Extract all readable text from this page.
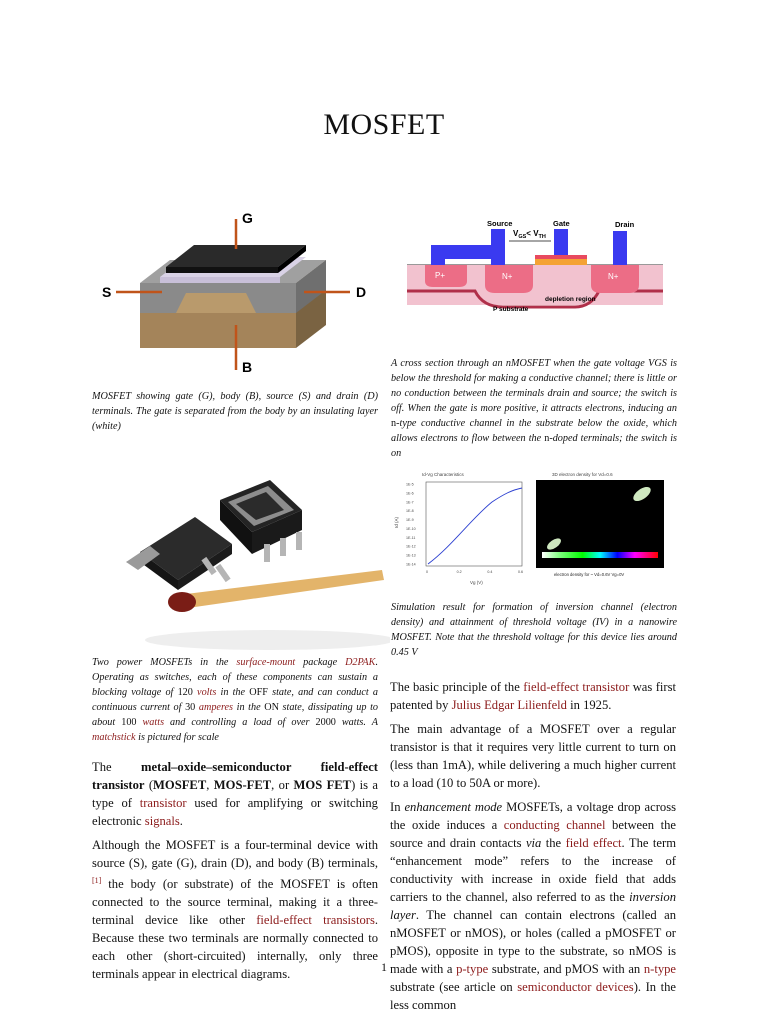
MOSFET
G
S	D
B
MOSFET showing gate (G), body (B), source (S) and drain (D) terminals. The gate is separated from the body by an insulating layer (white)
Source	Gate	Drain
$V_{GS}< V_{TH}$
P+	N+	N+
depletion region
P substrate
A cross section through an nMOSFET when the gate voltage VGS is below the threshold for making a conductive channel; there is little or no conduction between the terminals drain and source; the switch is off. When the gate is more positive, it attracts electrons, inducing an n-type conductive channel in the substrate below the oxide, which allows electrons to flow between the n-doped terminals; the switch is on
Two power MOSFETs in the surface-mount package D2PAK. Operating as switches, each of these components can sustain a blocking voltage of 120 volts in the OFF state, and can conduct a continuous current of 30 amperes in the ON state, dissipating up to about 100 watts and controlling a load of over 2000 watts. A matchstick is pictured for scale
Id-Vg Characteristics
1E-5
1E-6
1E-7
1E-8
1E-9
1E-10
1E-11
1E-12
1E-13
1E-14
0	0.2	0.4	0.6
Id (A)
Vg (V)
3D electron density for Vd=0.6
electron density for ~ Vd=0.6V Vg=0V
Simulation result for formation of inversion channel (electron density) and attainment of threshold voltage (IV) in a nanowire MOSFET. Note that the threshold voltage for this device lies around 0.45 V

The metal–oxide–semiconductor field-effect transistor (MOSFET, MOS-FET, or MOS FET) is a type of transistor used for amplifying or switching electronic signals.

Although the MOSFET is a four-terminal device with source (S), gate (G), drain (D), and body (B) terminals,[1] the body (or substrate) of the MOSFET is often connected to the source terminal, making it a three-terminal device like other field-effect transistors. Because these two terminals are normally connected to each other (short-circuited) internally, only three terminals appear in electrical diagrams.

The basic principle of the field-effect transistor was first patented by Julius Edgar Lilienfeld in 1925.

The main advantage of a MOSFET over a regular transistor is that it requires very little current to turn on (less than 1mA), while delivering a much higher current to a load (10 to 50A or more).

In enhancement mode MOSFETs, a voltage drop across the oxide induces a conducting channel between the source and drain contacts via the field effect. The term “enhancement mode” refers to the increase of conductivity with increase in oxide field that adds carriers to the channel, also referred to as the inversion layer. The channel can contain electrons (called an nMOSFET or nMOS), or holes (called a pMOSFET or pMOS), opposite in type to the substrate, so nMOS is made with a p-type substrate, and pMOS with an n-type substrate (see article on semiconductor devices). In the less common

1
